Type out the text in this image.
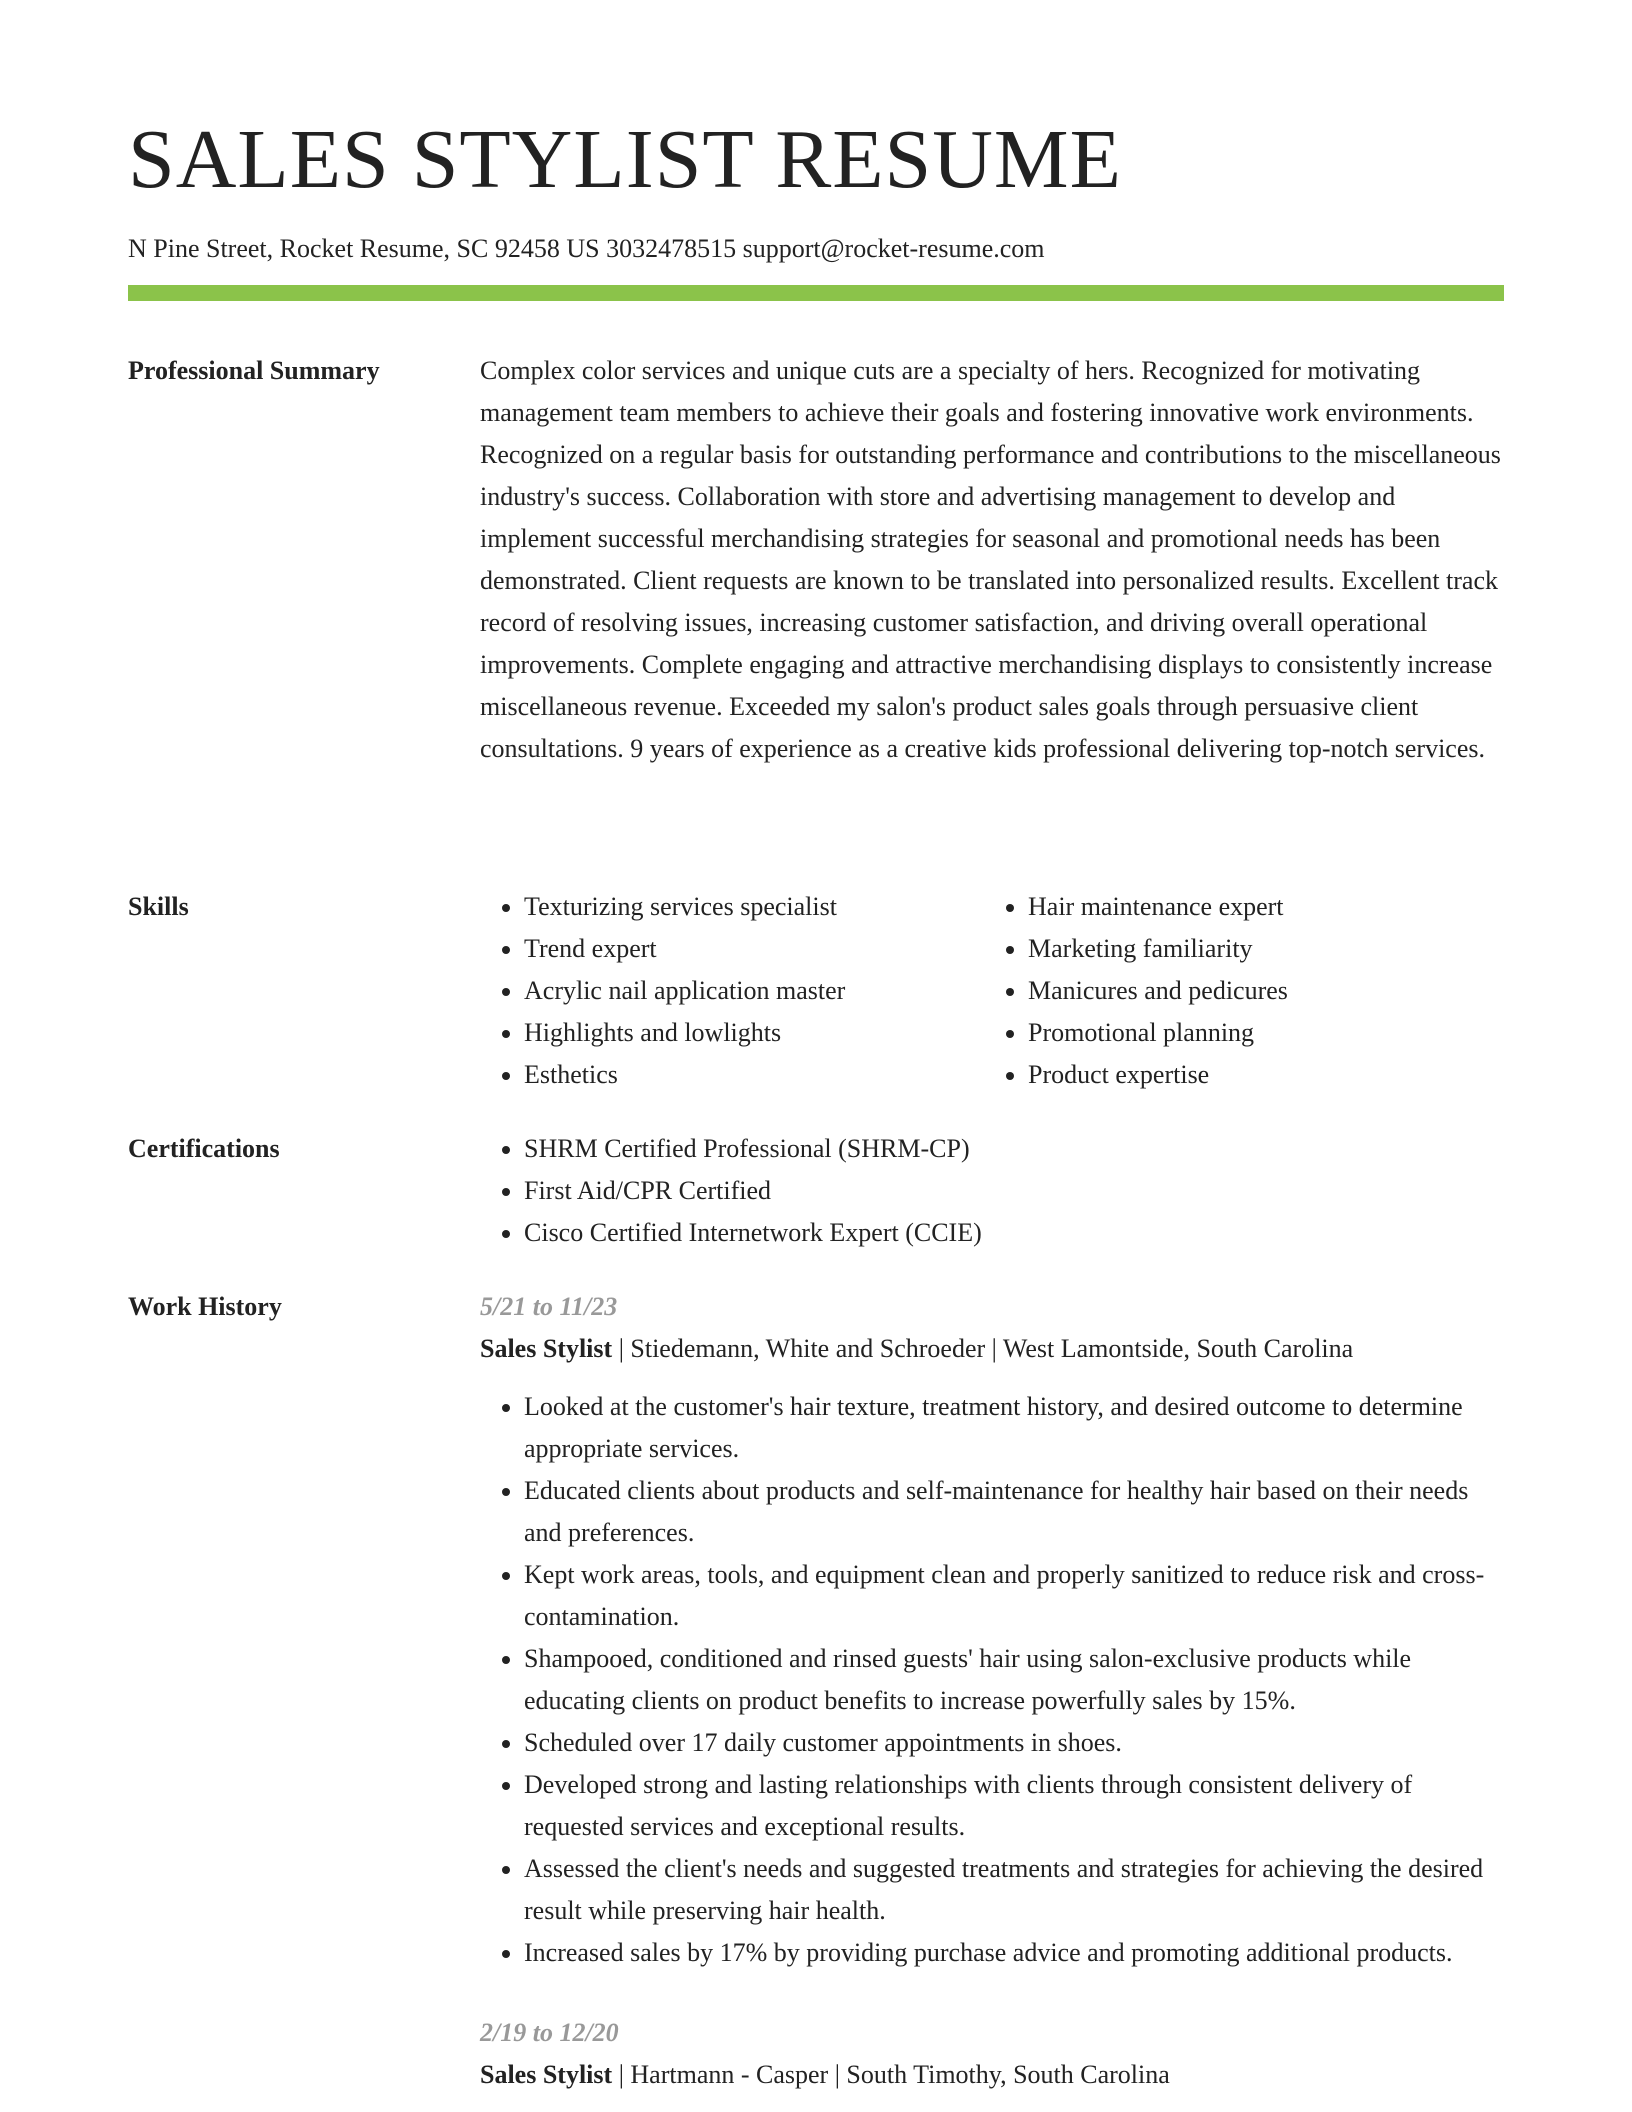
SALES STYLIST RESUME
N Pine Street, Rocket Resume, SC 92458 US 3032478515 support@rocket-resume.com
Professional Summary	Complex color services and unique cuts are a specialty of hers. Recognized for motivating management team members to achieve their goals and fostering innovative work environments. Recognized on a regular basis for outstanding performance and contributions to the miscellaneous industry's success. Collaboration with store and advertising management to develop and implement successful merchandising strategies for seasonal and promotional needs has been demonstrated. Client requests are known to be translated into personalized results. Excellent track record of resolving issues, increasing customer satisfaction, and driving overall operational improvements. Complete engaging and attractive merchandising displays to consistently increase miscellaneous revenue. Exceeded my salon's product sales goals through persuasive client consultations. 9 years of experience as a creative kids professional delivering top-notch services.

Skills	• Texturizing services specialist
• Trend expert
• Acrylic nail application master
• Highlights and lowlights
• Esthetics
• Hair maintenance expert
• Marketing familiarity
• Manicures and pedicures
• Promotional planning
• Product expertise
Certifications	• SHRM Certified Professional (SHRM-CP)
• First Aid/CPR Certified
• Cisco Certified Internetwork Expert (CCIE)
Work History	5/21 to 11/23
Sales Stylist | Stiedemann, White and Schroeder | West Lamontside, South Carolina
• Looked at the customer's hair texture, treatment history, and desired outcome to determine appropriate services.
• Educated clients about products and self-maintenance for healthy hair based on their needs and preferences.
• Kept work areas, tools, and equipment clean and properly sanitized to reduce risk and cross-contamination.
• Shampooed, conditioned and rinsed guests' hair using salon-exclusive products while educating clients on product benefits to increase powerfully sales by 15%.
• Scheduled over 17 daily customer appointments in shoes.
• Developed strong and lasting relationships with clients through consistent delivery of requested services and exceptional results.
• Assessed the client's needs and suggested treatments and strategies for achieving the desired result while preserving hair health.
• Increased sales by 17% by providing purchase advice and promoting additional products.
2/19 to 12/20
Sales Stylist | Hartmann - Casper | South Timothy, South Carolina
